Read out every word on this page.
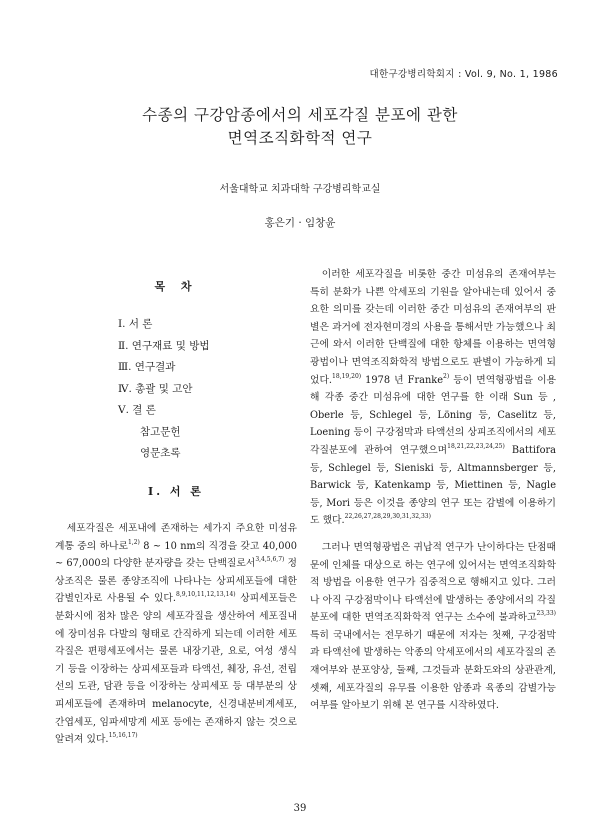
대한구강병리학회지 : Vol. 9, No. 1, 1986
수종의 구강암종에서의 세포각질 분포에 관한
면역조직화학적 연구
서울대학교 치과대학 구강병리학교실
홍은기 · 임창윤
목 차
Ⅰ. 서 론
Ⅱ. 연구재료 및 방법
Ⅲ. 연구결과
Ⅳ. 총괄 및 고안
Ⅴ. 결 론
참고문헌
영문초록
Ⅰ. 서 론

세포각질은 세포내에 존재하는 세가지 주요한 미섬유계통 중의 하나로$^{1,2)}$ 8 ~ 10 nm의 직경을 갖고 40,000 ~ 67,000의 다양한 분자량을 갖는 단백질로서$^{3,4,5,6,7)}$ 정상조직은 물론 종양조직에 나타나는 상피세포들에 대한 감별인자로 사용될 수 있다.$^{8,9,10,11,12,13,14)}$ 상피세포들은 분화시에 점차 많은 양의 세포각질을 생산하여 세포질내에 장미섬유 다발의 형태로 간직하게 되는데 이러한 세포각질은 편평세포에서는 물론 내장기관, 요로, 여성 생식기 등을 이장하는 상피세포들과 타액선, 췌장, 유선, 전립선의 도관, 담관 등을 이장하는 상피세포 등 대부분의 상피세포들에 존재하며 melanocyte, 신경내분비계세포, 간엽세포, 임파세망계 세포 등에는 존재하지 않는 것으로 알려져 있다.$^{15,16,17)}$

이러한 세포각질을 비롯한 중간 미섬유의 존재여부는 특히 분화가 나쁜 악세포의 기원을 알아내는데 있어서 중요한 의미를 갖는데 이러한 중간 미섬유의 존재여부의 판별은 과거에 전자현미경의 사용을 통해서만 가능했으나 최근에 와서 이러한 단백질에 대한 항체를 이용하는 면역형광법이나 면역조직화학적 방법으로도 판별이 가능하게 되었다.$^{18,19,20)}$ 1978 년 Franke$^{2)}$ 등이 면역형광법을 이용해 각종 중간 미섬유에 대한 연구를 한 이래 Sun 등 , Oberle 등, Schlegel 등, Löning 등, Caselitz 등, Loening 등이 구강점막과 타액선의 상피조직에서의 세포각질분포에 관하여 연구했으며$^{18,21,22,23,24,25)}$ Battifora 등, Schlegel 등, Sieniski 등, Altmannsberger 등, Barwick 등, Katenkamp 등, Miettinen 등, Nagle 등, Mori 등은 이것을 종양의 연구 또는 감별에 이용하기도 했다.$^{22,26,27,28,29,30,31,32,33)}$

그러나 면역형광법은 귀납적 연구가 난이하다는 단점때문에 인체를 대상으로 하는 연구에 있어서는 면역조직화학적 방법을 이용한 연구가 집중적으로 행해지고 있다. 그러나 아직 구강점막이나 타액선에 발생하는 종양에서의 각질분포에 대한 면역조직화학적 연구는 소수에 불과하고$^{23,33)}$ 특히 국내에서는 전무하기 때문에 저자는 첫째, 구강점막과 타액선에 발생하는 악종의 악세포에서의 세포각질의 존재여부와 분포양상, 둘째, 그것들과 분화도와의 상관관계, 셋째, 세포각질의 유무를 이용한 암종과 육종의 감별가능여부를 알아보기 위해 본 연구를 시작하였다.

39
